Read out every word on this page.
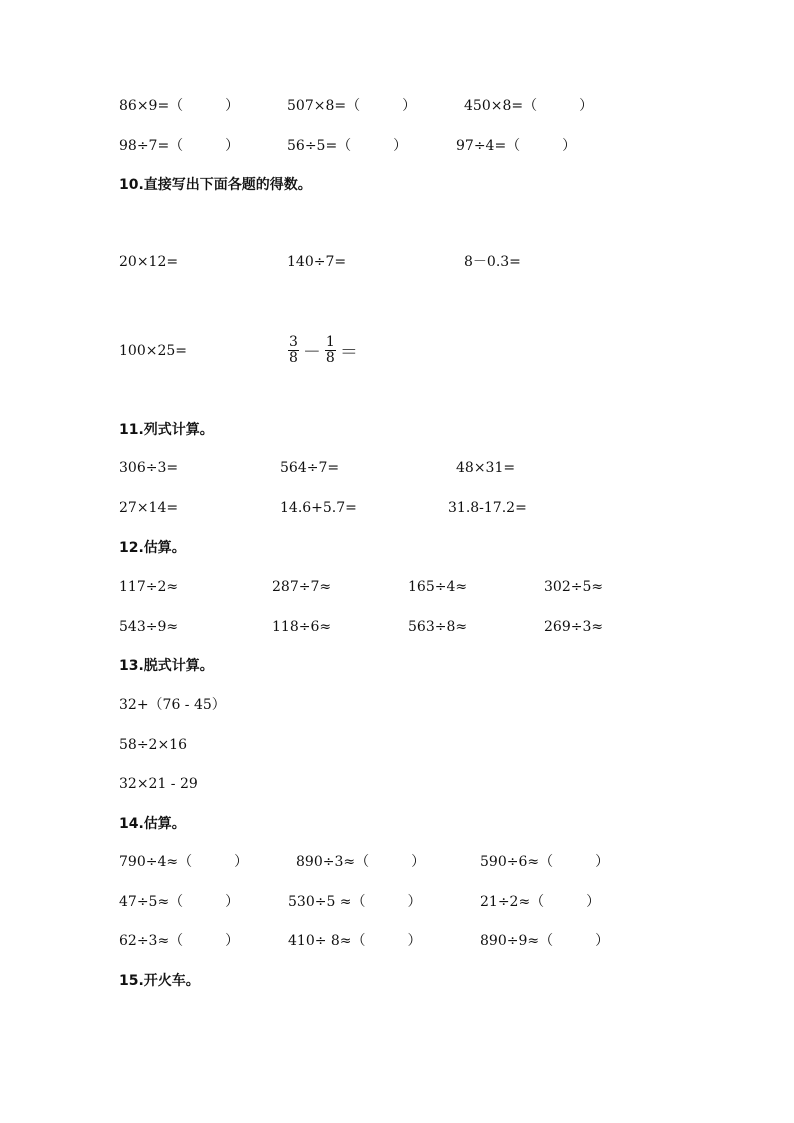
86×9=（　　　）	507×8=（　　　）	450×8=（　　　）
98÷7=（　　　）	56÷5=（　　　）	97÷4=（　　　）
10.直接写出下面各题的得数。
20×12=	140÷7=	8－0.3=
100×25=	$\frac{3}{8} - \frac{1}{8}$ ＝
11.列式计算。
306÷3=	564÷7=	48×31=
27×14=	14.6+5.7=	31.8-17.2=
12.估算。
117÷2≈	287÷7≈	165÷4≈	302÷5≈
543÷9≈	118÷6≈	563÷8≈	269÷3≈
13.脱式计算。
32+（76 - 45）
58÷2×16
32×21 - 29
14.估算。
790÷4≈（　　　）	890÷3≈（　　　）	590÷6≈（　　　）
47÷5≈（　　　）	530÷5 ≈（　　　）	21÷2≈（　　　）
62÷3≈（　　　）	410÷ 8≈（　　　）	890÷9≈（　　　）
15.开火车。
